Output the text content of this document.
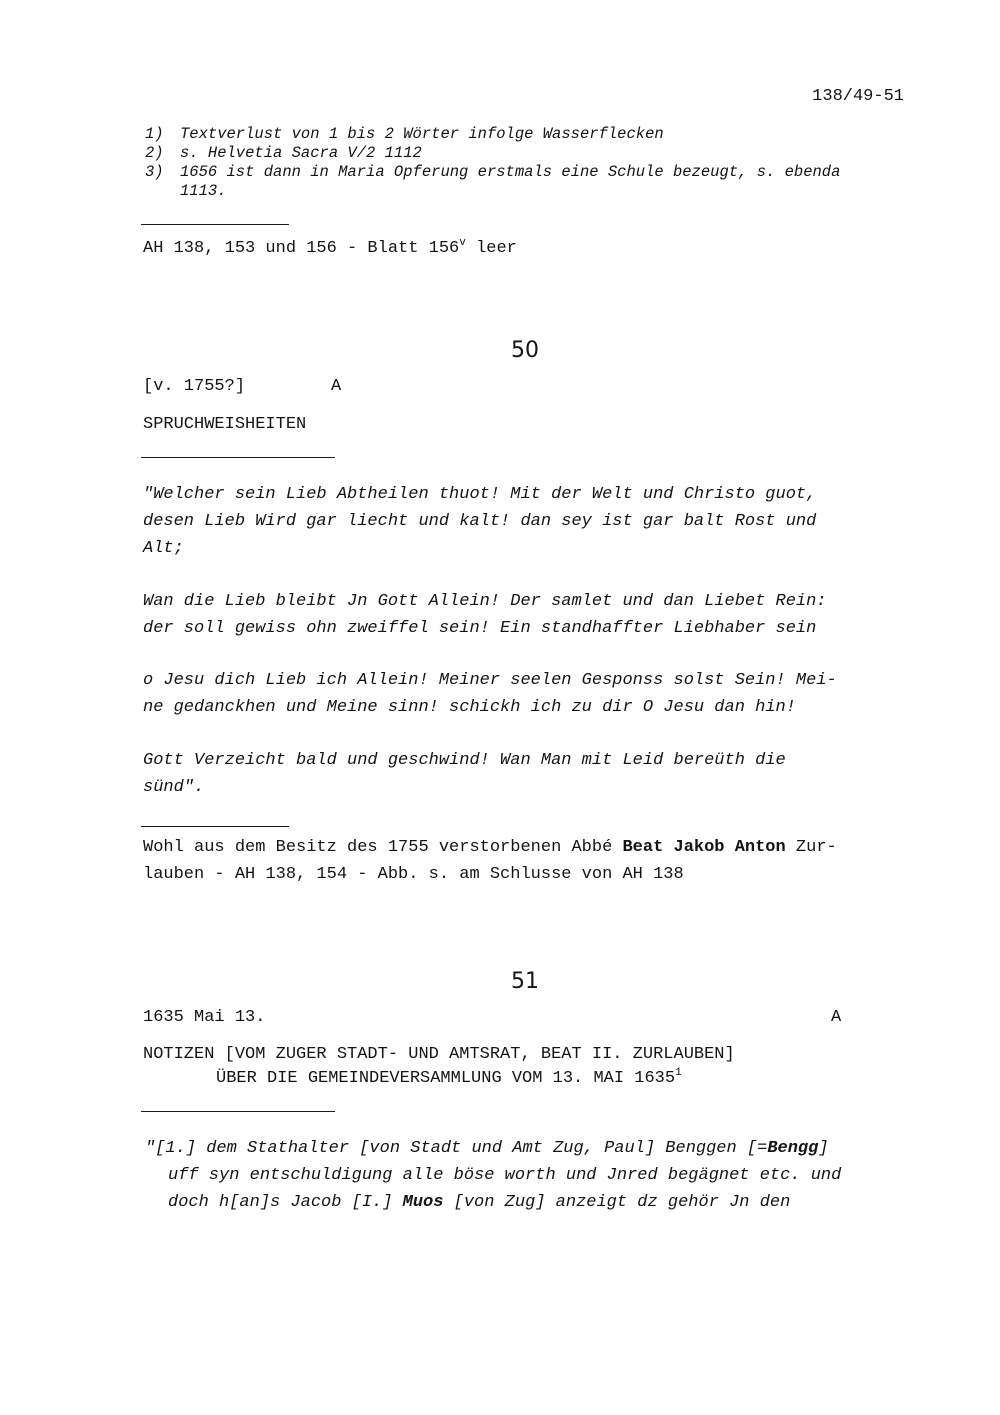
138/49-51
1) Textverlust von 1 bis 2 Wörter infolge Wasserflecken
2) s. Helvetia Sacra V/2 1112
3) 1656 ist dann in Maria Opferung erstmals eine Schule bezeugt, s. ebenda
1113.
AH 138, 153 und 156 - Blatt 156$^v$ leer
50
[v. 1755?]	A
SPRUCHWEISHEITEN
"Welcher sein Lieb Abtheilen thuot! Mit der Welt und Christo guot,
desen Lieb Wird gar liecht und kalt! dan sey ist gar balt Rost und
Alt;
Wan die Lieb bleibt Jn Gott Allein! Der samlet und dan Liebet Rein:
der soll gewiss ohn zweiffel sein! Ein standhaffter Liebhaber sein
o Jesu dich Lieb ich Allein! Meiner seelen Gesponss solst Sein! Mei-
ne gedanckhen und Meine sinn! schickh ich zu dir O Jesu dan hin!
Gott Verzeicht bald und geschwind! Wan Man mit Leid bereüth die
sünd".
Wohl aus dem Besitz des 1755 verstorbenen Abbé Beat Jakob Anton Zur-
lauben - AH 138, 154 - Abb. s. am Schlusse von AH 138
51
1635 Mai 13.	A
NOTIZEN [VOM ZUGER STADT- UND AMTSRAT, BEAT II. ZURLAUBEN]
ÜBER DIE GEMEINDEVERSAMMLUNG VOM 13. MAI 1635$^1$
"[1.] dem Stathalter [von Stadt und Amt Zug, Paul] Benggen [=Bengg]
uff syn entschuldigung alle böse worth und Jnred begägnet etc. und
doch h[an]s Jacob [I.] Muos [von Zug] anzeigt dz gehör Jn den
